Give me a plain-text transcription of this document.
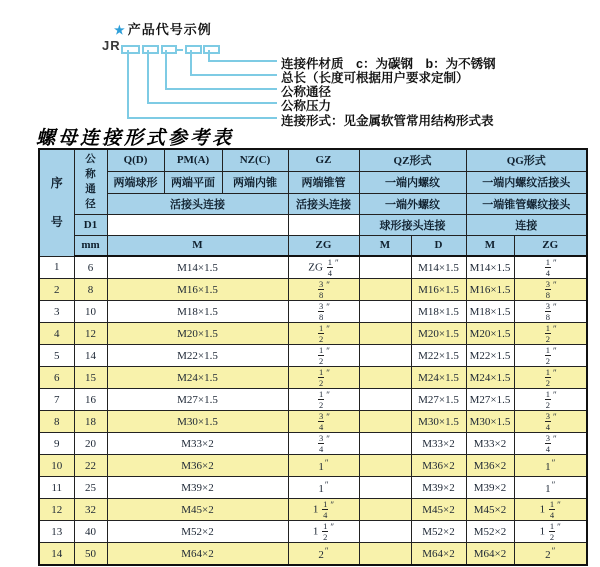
★ 产品代号示例
JR
连接件材质　c：为碳钢　b：为不锈钢
总长（长度可根据用户要求定制）
公称通径
公称压力
连接形式：见金属软管常用结构形式表
螺母连接形式参考表
序
号

公
称
通
径
	Q(D)	PM(A)	NZ(C)	GZ	QZ形式	QG形式
		两端球形	两端平面	两端内锥	两端锥管	一端内螺纹		一端内螺纹活接头	
		活接头连接			活接头连接	一端外螺纹		一端锥管螺纹接头	
	D1					球形接头连接		连接	
	mm	M			ZG	M	D	M	ZG
1	6	M14×1.5			ZG $\frac{1}{4} ''$		M14×1.5	M14×1.5	$\frac{1}{4} ''$
2	8	M16×1.5			$\frac{3}{8} ''$		M16×1.5	M16×1.5	$\frac{3}{8} ''$
3	10	M18×1.5			$\frac{3}{8} ''$		M18×1.5	M18×1.5	$\frac{3}{8} ''$
4	12	M20×1.5			$\frac{1}{2} ''$		M20×1.5	M20×1.5	$\frac{1}{2} ''$
5	14	M22×1.5			$\frac{1}{2} ''$		M22×1.5	M22×1.5	$\frac{1}{2} ''$
6	15	M24×1.5			$\frac{1}{2} ''$		M24×1.5	M24×1.5	$\frac{1}{2} ''$
7	16	M27×1.5			$\frac{1}{2} ''$		M27×1.5	M27×1.5	$\frac{1}{2} ''$
8	18	M30×1.5			$\frac{3}{4} ''$		M30×1.5	M30×1.5	$\frac{3}{4} ''$
9	20	M33×2			$\frac{3}{4} ''$		M33×2	M33×2	$\frac{3}{4} ''$
10	22	M36×2			1″		M36×2	M36×2	1″
11	25	M39×2			1″		M39×2	M39×2	1″
12	32	M45×2			$1 \frac{1}{4} ''$		M45×2	M45×2	$1 \frac{1}{4} ''$
13	40	M52×2			$1 \frac{1}{2} ''$		M52×2	M52×2	$1 \frac{1}{2} ''$
14	50	M64×2			2″		M64×2	M64×2	2″
